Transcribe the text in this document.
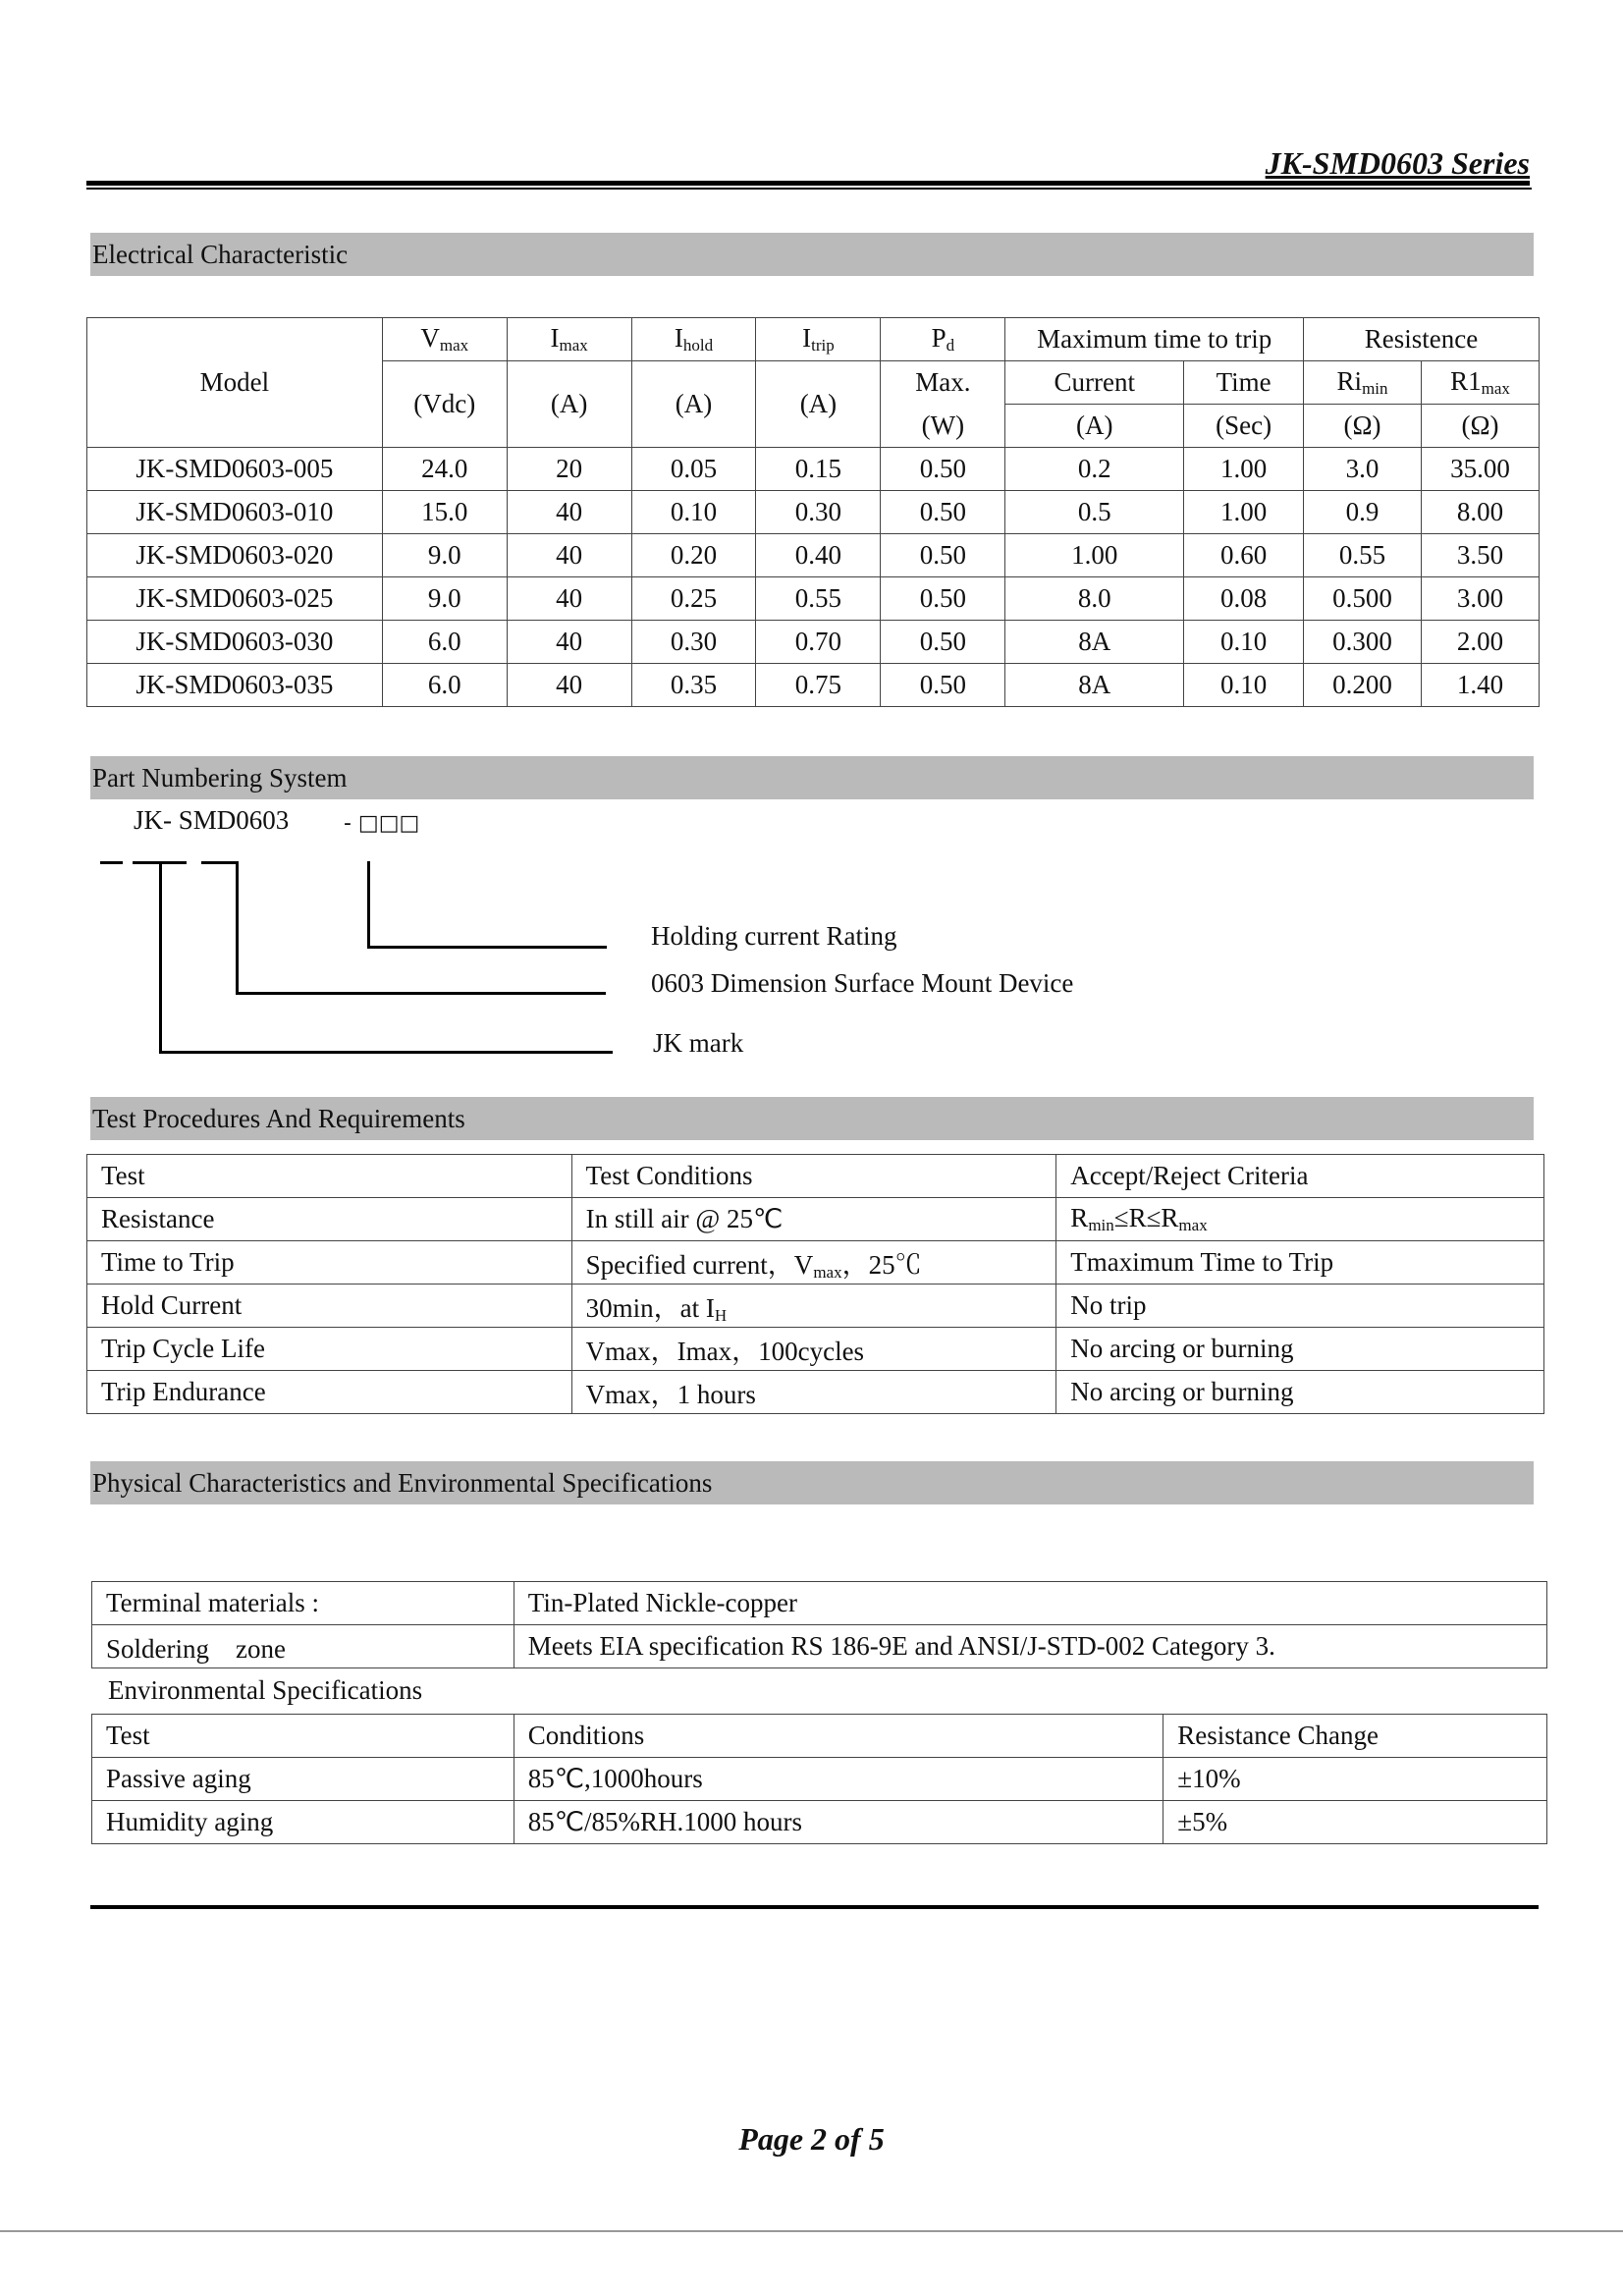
JK-SMD0603 Series
Electrical Characteristic
Model	$V_{max}$	$I_{max}$	$I_{hold}$	$I_{trip}$	$P_d$	Maximum time to trip		Resistence	
	(Vdc)	(A)	(A)	(A)	Max.	Current	Time	$Ri_{min}$	$R1_{max}$
					(W)	(A)	(Sec)	(Ω)	(Ω)
JK-SMD0603-005	24.0	20	0.05	0.15	0.50	0.2	1.00	3.0	35.00
JK-SMD0603-010	15.0	40	0.10	0.30	0.50	0.5	1.00	0.9	8.00
JK-SMD0603-020	9.0	40	0.20	0.40	0.50	1.00	0.60	0.55	3.50
JK-SMD0603-025	9.0	40	0.25	0.55	0.50	8.0	0.08	0.500	3.00
JK-SMD0603-030	6.0	40	0.30	0.70	0.50	8A	0.10	0.300	2.00
JK-SMD0603-035	6.0	40	0.35	0.75	0.50	8A	0.10	0.200	1.40
Part Numbering System
JK- SMD0603	- □□□
Holding current Rating
0603 Dimension Surface Mount Device
JK mark
Test Procedures And Requirements
Test	Test Conditions	Accept/Reject Criteria
Resistance	In still air @ 25℃	$R_{min}\le R\le R_{max}$
Time to Trip	Specified current，$V_{max}$，25℃	Tmaximum Time to Trip
Hold Current	30min，at $I_H$	No trip
Trip Cycle Life	Vmax，Imax，100cycles	No arcing or burning
Trip Endurance	Vmax，1 hours	No arcing or burning
Physical Characteristics and Environmental Specifications
Terminal materials :	Tin-Plated Nickle-copper
Soldering　zone	Meets EIA specification RS 186-9E and ANSI/J-STD-002 Category 3.
Environmental Specifications
Test	Conditions	Resistance Change
Passive aging	85℃,1000hours	±10%
Humidity aging	85℃/85%RH.1000 hours	±5%
Page 2 of 5
